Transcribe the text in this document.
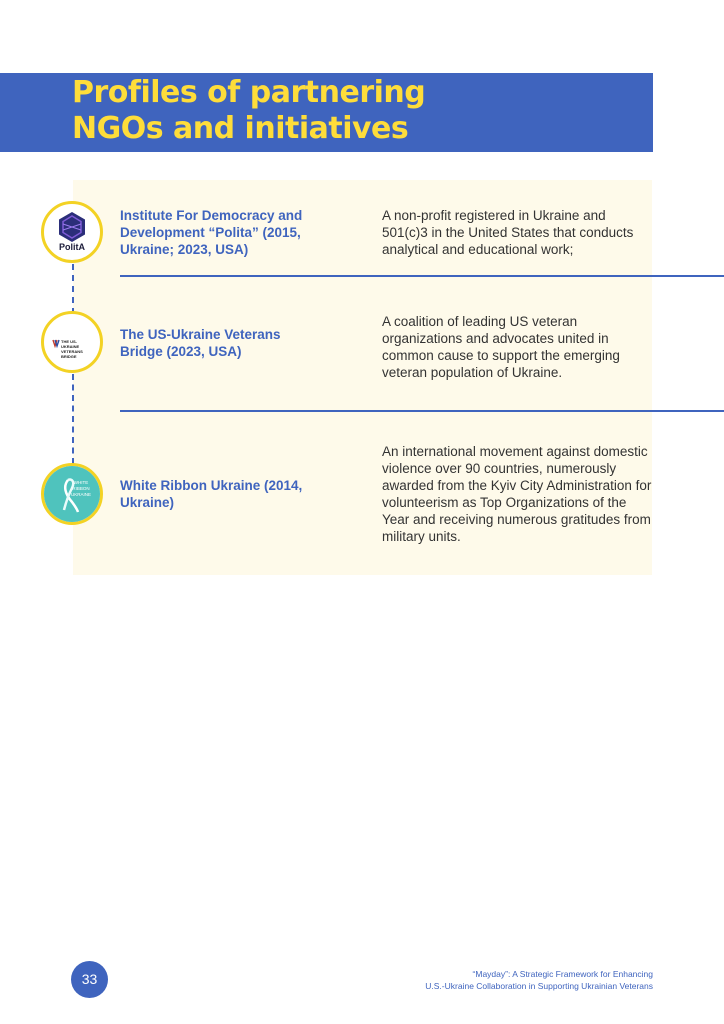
Profiles of partnering
NGOs and initiatives
PolitA
Institute For Democracy and Development “Polita” (2015, Ukraine; 2023, USA)
A non-profit registered in Ukraine and 501(c)3 in the United States that conducts analytical and educational work;
THE US-UKRAINE VETERANS BRIDGE
The US-Ukraine Veterans Bridge (2023, USA)
A coalition of leading US veteran organizations and advocates united in common cause to support the emerging veteran population of Ukraine.
WHITE RIBBON UKRAINE
White Ribbon Ukraine (2014, Ukraine)
An international movement against domestic violence over 90 countries, numerously awarded from the Kyiv City Administration for volunteerism as Top Organizations of the Year and receiving numerous gratitudes from military units.
33	“Mayday”: A Strategic Framework for Enhancing
U.S.-Ukraine Collaboration in Supporting Ukrainian Veterans
